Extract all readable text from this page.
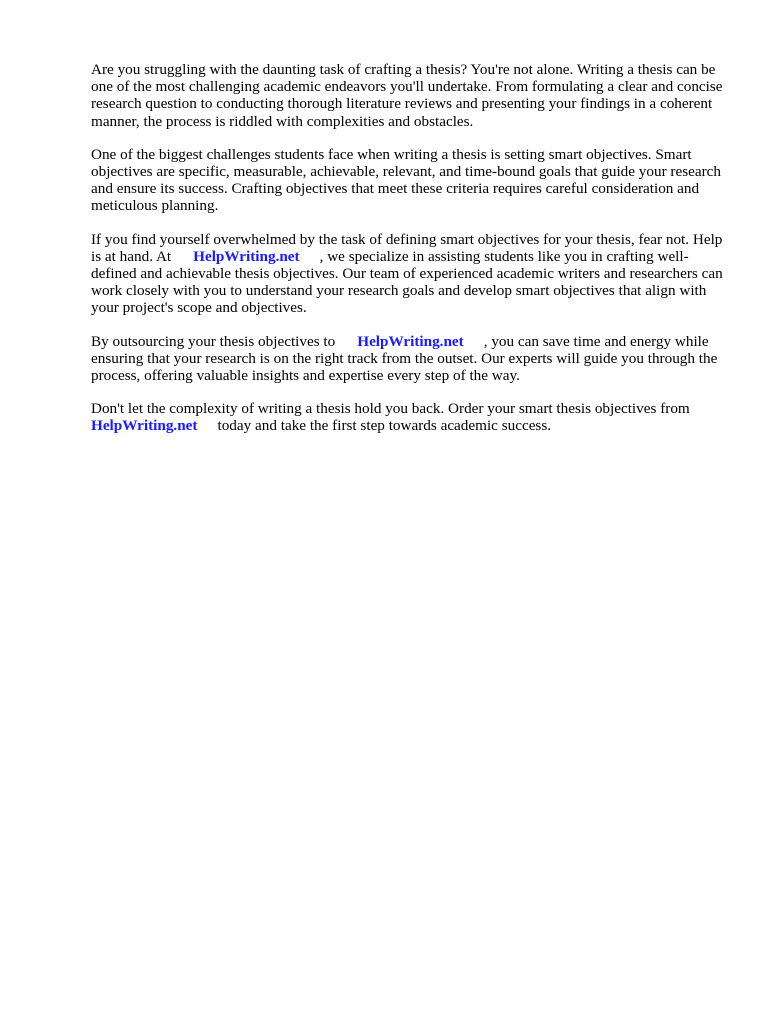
Are you struggling with the daunting task of crafting a thesis? You're not alone. Writing a thesis can be one of the most challenging academic endeavors you'll undertake. From formulating a clear and concise research question to conducting thorough literature reviews and presenting your findings in a coherent manner, the process is riddled with complexities and obstacles.

One of the biggest challenges students face when writing a thesis is setting smart objectives. Smart objectives are specific, measurable, achievable, relevant, and time-bound goals that guide your research and ensure its success. Crafting objectives that meet these criteria requires careful consideration and meticulous planning.

If you find yourself overwhelmed by the task of defining smart objectives for your thesis, fear not. Help is at hand. At HelpWriting.net , we specialize in assisting students like you in crafting well-defined and achievable thesis objectives. Our team of experienced academic writers and researchers can work closely with you to understand your research goals and develop smart objectives that align with your project's scope and objectives.

By outsourcing your thesis objectives to HelpWriting.net , you can save time and energy while ensuring that your research is on the right track from the outset. Our experts will guide you through the process, offering valuable insights and expertise every step of the way.

Don't let the complexity of writing a thesis hold you back. Order your smart thesis objectives fromHelpWriting.net today and take the first step towards academic success.
